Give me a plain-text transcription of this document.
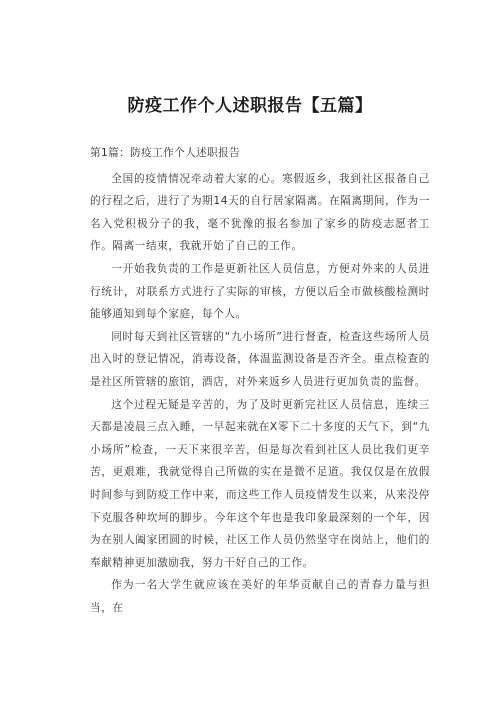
防疫工作个人述职报告【五篇】

第1篇：防疫工作个人述职报告

全国的疫情情况牵动着大家的心。寒假返乡，我到社区报备自己的行程之后，进行了为期14天的自行居家隔离。在隔离期间，作为一名入党积极分子的我，毫不犹豫的报名参加了家乡的防疫志愿者工作。隔离一结束，我就开始了自己的工作。

一开始我负责的工作是更新社区人员信息，方便对外来的人员进行统计，对联系方式进行了实际的审核，方便以后全市做核酸检测时能够通知到每个家庭，每个人。

同时每天到社区管辖的“九小场所”进行督查，检查这些场所人员出入时的登记情况，消毒设备，体温监测设备是否齐全。重点检查的是社区所管辖的旅馆，酒店，对外来返乡人员进行更加负责的监督。

这个过程无疑是辛苦的，为了及时更新完社区人员信息，连续三天都是凌晨三点入睡，一早起来就在X零下二十多度的天气下，到“九小场所”检查，一天下来很辛苦，但是每次看到社区人员比我们更辛苦，更艰难，我就觉得自己所做的实在是微不足道。我仅仅是在放假时间参与到防疫工作中来，而这些工作人员疫情发生以来，从来没停下克服各种坎坷的脚步。今年这个年也是我印象最深刻的一个年，因为在别人阖家团圆的时候，社区工作人员仍然坚守在岗站上，他们的奉献精神更加激励我，努力干好自己的工作。

作为一名大学生就应该在美好的年华贡献自己的青春力量与担当，在
